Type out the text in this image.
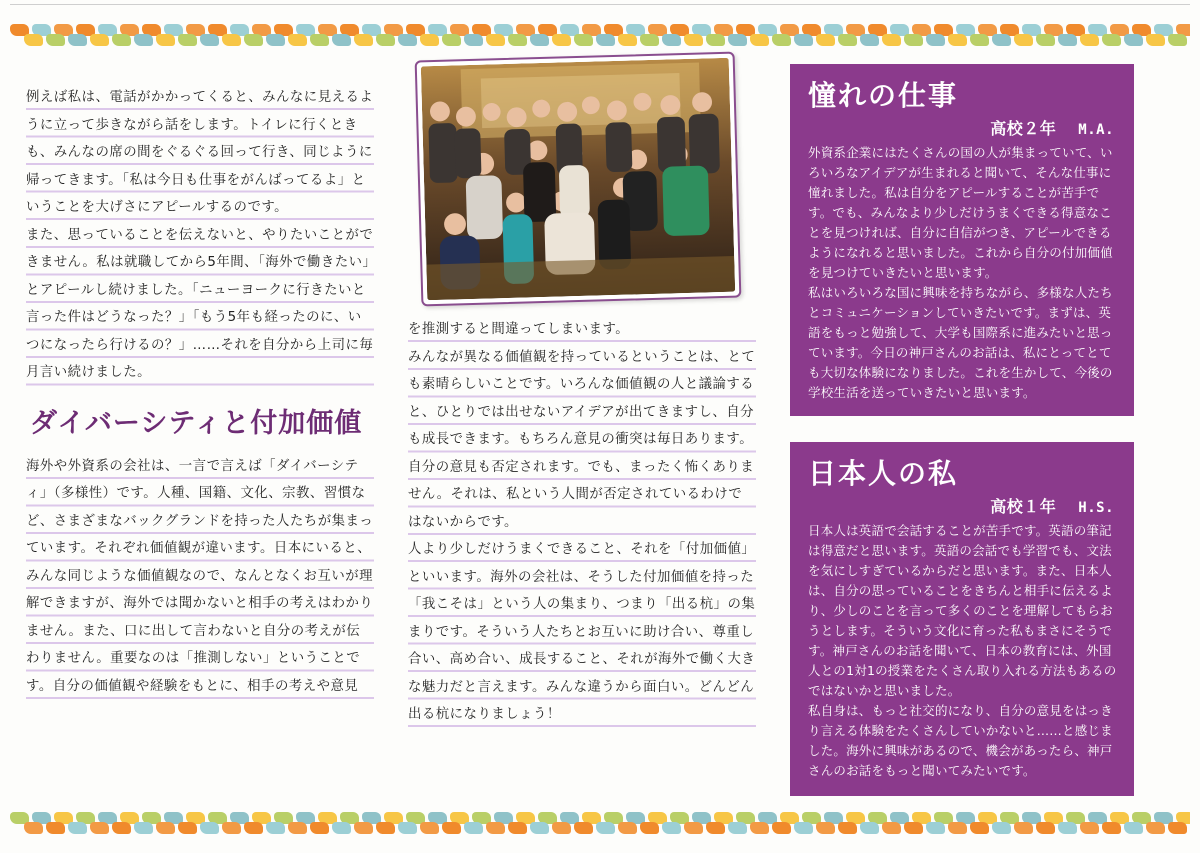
例えば私は、電話がかかってくると、みんなに見えるように立って歩きながら話をします。トイレに行くときも、みんなの席の間をぐるぐる回って行き、同じように帰ってきます。「私は今日も仕事をがんばってるよ」ということを大げさにアピールするのです。

また、思っていることを伝えないと、やりたいことができません。私は就職してから5年間、「海外で働きたい」とアピールし続けました。「ニューヨークに行きたいと言った件はどうなった？」「もう5年も経ったのに、いつになったら行けるの？」……それを自分から上司に毎月言い続けました。

ダイバーシティと付加価値

海外や外資系の会社は、一言で言えば「ダイバーシティ」（多様性）です。人種、国籍、文化、宗教、習慣など、さまざまなバックグランドを持った人たちが集まっています。それぞれ価値観が違います。日本にいると、みんな同じような価値観なので、なんとなくお互いが理解できますが、海外では聞かないと相手の考えはわかりません。また、口に出して言わないと自分の考えが伝わりません。重要なのは「推測しない」ということです。自分の価値観や経験をもとに、相手の考えや意見

を推測すると間違ってしまいます。

みんなが異なる価値観を持っているということは、とても素晴らしいことです。いろんな価値観の人と議論すると、ひとりでは出せないアイデアが出てきますし、自分も成長できます。もちろん意見の衝突は毎日あります。自分の意見も否定されます。でも、まったく怖くありません。それは、私という人間が否定されているわけではないからです。

人より少しだけうまくできること、それを「付加価値」といいます。海外の会社は、そうした付加価値を持った「我こそは」という人の集まり、つまり「出る杭」の集まりです。そういう人たちとお互いに助け合い、尊重し合い、高め合い、成長すること、それが海外で働く大きな魅力だと言えます。みんな違うから面白い。どんどん出る杭になりましょう！

憧れの仕事
高校２年 M.A.

外資系企業にはたくさんの国の人が集まっていて、いろいろなアイデアが生まれると聞いて、そんな仕事に憧れました。私は自分をアピールすることが苦手です。でも、みんなより少しだけうまくできる得意なことを見つければ、自分に自信がつき、アピールできるようになれると思いました。これから自分の付加価値を見つけていきたいと思います。

私はいろいろな国に興味を持ちながら、多様な人たちとコミュニケーションしていきたいです。まずは、英語をもっと勉強して、大学も国際系に進みたいと思っています。今日の神戸さんのお話は、私にとってとても大切な体験になりました。これを生かして、今後の学校生活を送っていきたいと思います。

日本人の私
高校１年 H.S.

日本人は英語で会話することが苦手です。英語の筆記は得意だと思います。英語の会話でも学習でも、文法を気にしすぎているからだと思います。また、日本人は、自分の思っていることをきちんと相手に伝えるより、少しのことを言って多くのことを理解してもらおうとします。そういう文化に育った私もまさにそうです。神戸さんのお話を聞いて、日本の教育には、外国人との1対1の授業をたくさん取り入れる方法もあるのではないかと思いました。

私自身は、もっと社交的になり、自分の意見をはっきり言える体験をたくさんしていかないと……と感じました。海外に興味があるので、機会があったら、神戸さんのお話をもっと聞いてみたいです。
